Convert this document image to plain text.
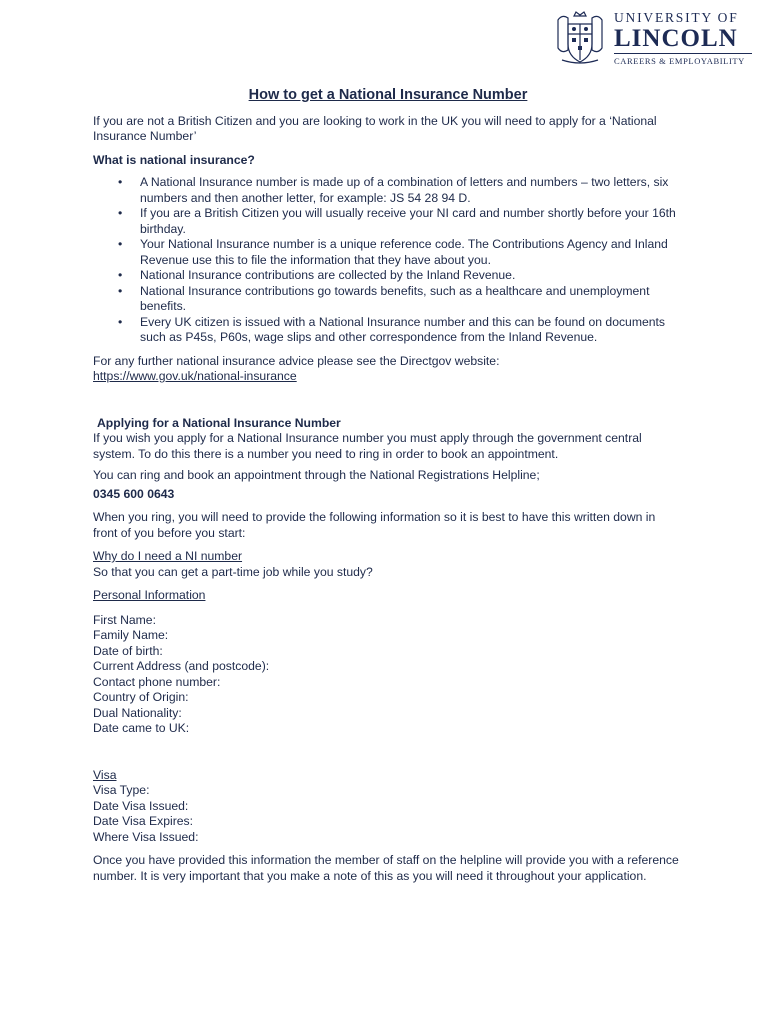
UNIVERSITY OF
LINCOLN
CAREERS & EMPLOYABILITY
How to get a National Insurance Number

If you are not a British Citizen and you are looking to work in the UK you will need to apply for a ‘National Insurance Number’

What is national insurance?

• A National Insurance number is made up of a combination of letters and numbers – two letters, six numbers and then another letter, for example: JS 54 28 94 D.
• If you are a British Citizen you will usually receive your NI card and number shortly before your 16th birthday.
• Your National Insurance number is a unique reference code. The Contributions Agency and Inland Revenue use this to file the information that they have about you.
• National Insurance contributions are collected by the Inland Revenue.
• National Insurance contributions go towards benefits, such as a healthcare and unemployment benefits.
• Every UK citizen is issued with a National Insurance number and this can be found on documents such as P45s, P60s, wage slips and other correspondence from the Inland Revenue.

For any further national insurance advice please see the Directgov website:

https://www.gov.uk/national-insurance

Applying for a National Insurance Number

If you wish you apply for a National Insurance number you must apply through the government central system. To do this there is a number you need to ring in order to book an appointment.

You can ring and book an appointment through the National Registrations Helpline;

0345 600 0643

When you ring, you will need to provide the following information so it is best to have this written down in front of you before you start:

Why do I need a NI number

So that you can get a part-time job while you study?

Personal Information

First Name:

Family Name:

Date of birth:

Current Address (and postcode):

Contact phone number:

Country of Origin:

Dual Nationality:

Date came to UK:

Visa

Visa Type:

Date Visa Issued:

Date Visa Expires:

Where Visa Issued:

Once you have provided this information the member of staff on the helpline will provide you with a reference number. It is very important that you make a note of this as you will need it throughout your application.
